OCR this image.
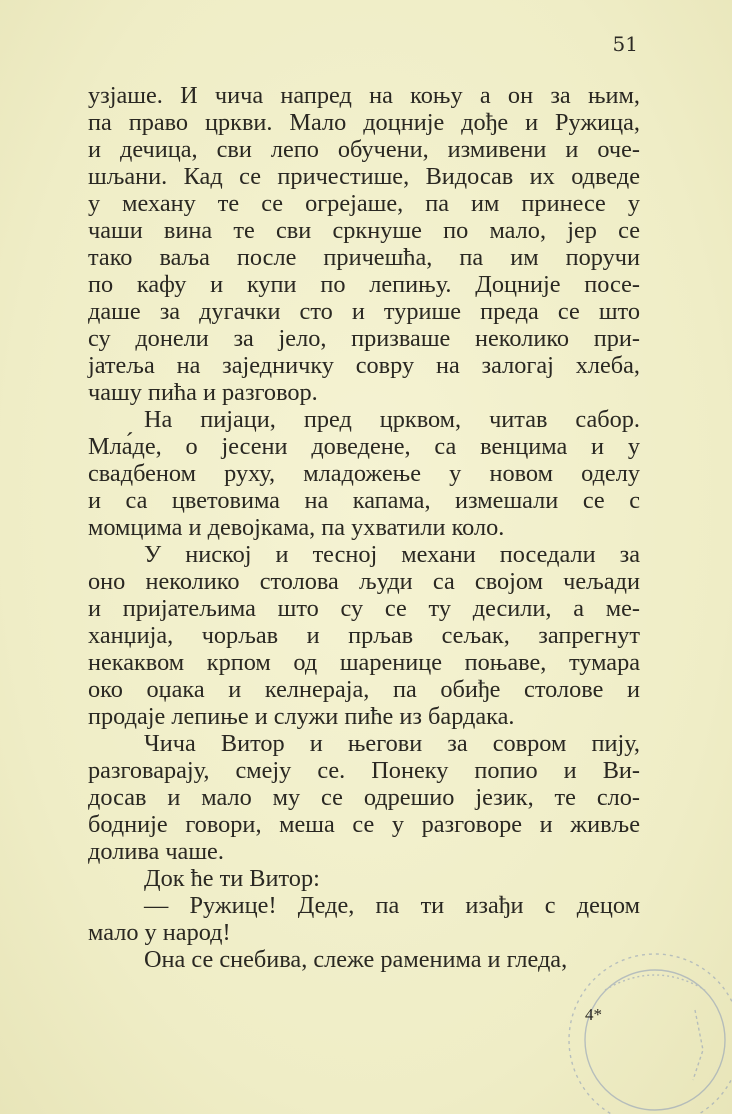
51
узјаше. И чича напред на коњу а он за њим,
па право цркви. Мало доцније дође и Ружица,
и дечица, сви лепо обучени, измивени и оче-
шљани. Кад се причестише, Видосав их одведе
у механу те се огрејаше, па им принесе у
чаши вина те сви сркнуше по мало, јер се
тако ваља после причешћа, па им поручи
по кафу и купи по лепињу. Доцније посе-
даше за дугачки сто и турише преда се што
су донели за јело, призваше неколико при-
јатеља на заједничку совру на залогај хлеба,
чашу пића и разговор.
На пијаци, пред црквом, читав сабор.
Мла́де, о јесени доведене, са венцима и у
свадбеном руху, младожење у новом оделу
и са цветовима на капама, измешали се с
момцима и девојкама, па ухватили коло.
У ниској и тесној механи поседали за
оно неколико столова људи са својом чељади
и пријатељима што су се ту десили, а ме-
ханџија, чорљав и прљав сељак, запрегнут
некаквом крпом од шаренице поњаве, тумара
око оџака и келнераја, па обиђе столове и
продаје лепиње и служи пиће из бардака.
Чича Витор и његови за совром пију,
разговарају, смеју се. Понеку попио и Ви-
досав и мало му се одрешио језик, те сло-
бодније говори, меша се у разговоре и живље
долива чаше.
Док ће ти Витор:
— Ружице! Деде, па ти изађи с децом
мало у народ!
Она се снебива, слеже раменима и гледа,
4*
